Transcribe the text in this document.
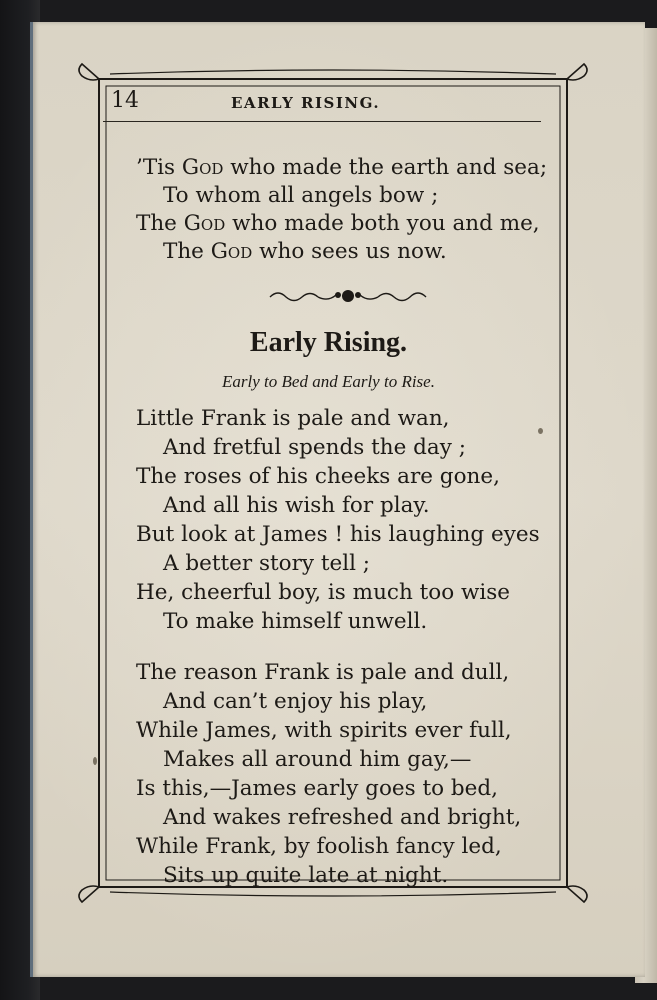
14	EARLY RISING.
’Tis God who made the earth and sea;
To whom all angels bow ;
The God who made both you and me,
The God who sees us now.
Early Rising.
Early to Bed and Early to Rise.
Little Frank is pale and wan,
And fretful spends the day ;
The roses of his cheeks are gone,
And all his wish for play.
But look at James ! his laughing eyes
A better story tell ;
He, cheerful boy, is much too wise
To make himself unwell.
The reason Frank is pale and dull,
And can’t enjoy his play,
While James, with spirits ever full,
Makes all around him gay,—
Is this,—James early goes to bed,
And wakes refreshed and bright,
While Frank, by foolish fancy led,
Sits up quite late at night.
